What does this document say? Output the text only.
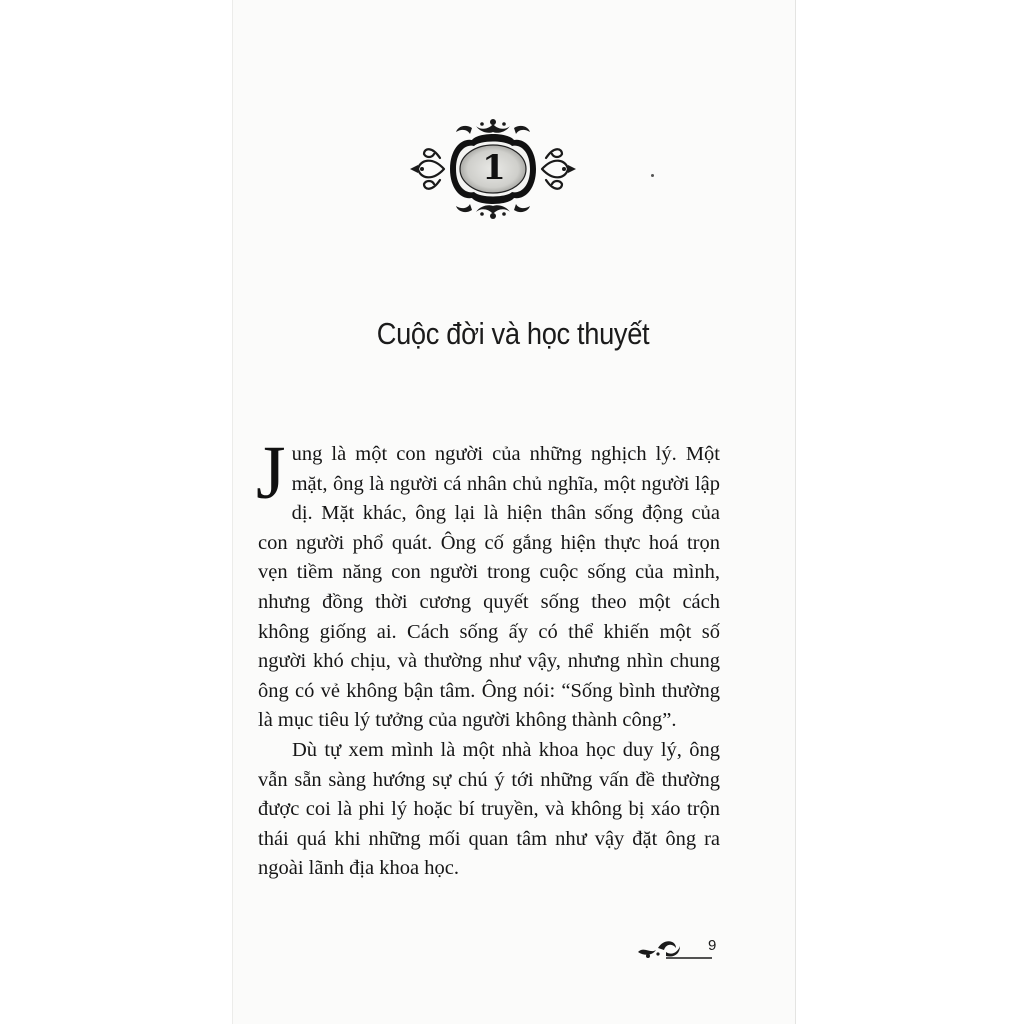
1
Cuộc đời và học thuyết

Jung là một con người của những nghịch lý. Một mặt, ông là người cá nhân chủ nghĩa, một người lập dị. Mặt khác, ông lại là hiện thân sống động của con người phổ quát. Ông cố gắng hiện thực hoá trọn vẹn tiềm năng con người trong cuộc sống của mình, nhưng đồng thời cương quyết sống theo một cách không giống ai. Cách sống ấy có thể khiến một số người khó chịu, và thường như vậy, nhưng nhìn chung ông có vẻ không bận tâm. Ông nói: “Sống bình thường là mục tiêu lý tưởng của người không thành công”.

Dù tự xem mình là một nhà khoa học duy lý, ông vẫn sẵn sàng hướng sự chú ý tới những vấn đề thường được coi là phi lý hoặc bí truyền, và không bị xáo trộn thái quá khi những mối quan tâm như vậy đặt ông ra ngoài lãnh địa khoa học.

9
